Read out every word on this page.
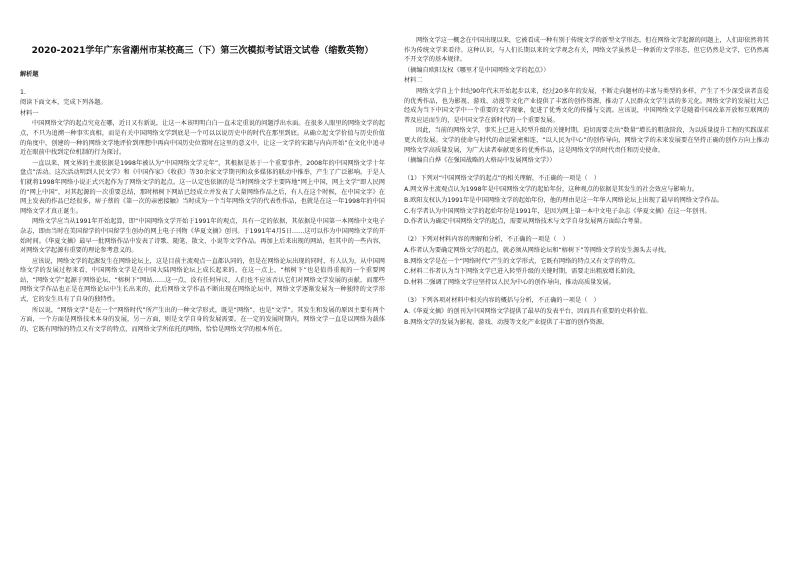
2020-2021学年广东省潮州市某校高三（下）第三次模拟考试语文试卷（缩数英物）
解析题

1.

阅读下面文本，完成下列各题。

材料一

中国网络文学的起点究竟在哪，近日又有新说，让这一本该明明白白一直未定重说的问题浮出水面。在很多人眼里的网络文学的起点，不只为追溯一种事实真相，而是有关中国网络文学到底是一个可以以说历史中的时代在那里到底。从确立起文学价值与历史价值的角度中，创建的一种的网络文学地评价到理想中再向中国历史位置时在这里的意义中，让这一文学的宋籍与内向开始”在文化中追寻近在眼前中找到定位机制的行为探讨。

一直以来，网文界的主流依据是1998年被认为“中国网络文学元年”，其根据是基于一个重要事件，2008年的中国网络文学十年盘点”活动。这次活动明到人民文学》和《中国作家》《收获》等30余家文学期刊和众多媒体的联动中推举，产生了广泛影响。于是人们就将1998年网络小说正式兴起作为了网络文学的起点。这一认定也依据的是当时网络文学主要阵地“网上中国，网上文学”即人民网的“网上中国”，对其起源的一次重要总结，那时榕树下网站已经成立并发表了大量网络作品之后，有人在这个时候，在中国文字》在网上发表的作品已经很多，痞子蔡的《第一次的亲密接触》当时成为一个当年网络文学的代表性作品，也就是在这一年1998年的中国网络文学才真正诞生。

网络文学应当从1991年开始起算，即“中国网络文学开始于1991年的观点，具有一定的依据，其依据是中国第一本网络中文电子杂志，即由当时在美国留学的中国留学生创办的网上电子刊物《华夏文摘》创刊。于1991年4月5日……这可以作为中国网络文学的开始时间。《华夏文摘》最早一批网络作品中发表了诗歌、随笔、散文、小说等文学作品。再加上后来出现的网站，但其中的一些内容，对网络文学起源有重要的理论参考意义的。

应该说，网络文学的起源发生在网络论坛上，这是目前主流观点一直都认同的，但是在网络论坛出现的同时，有人认为，从中国网络文学的发展过程来看，中国网络文学是在中国大陆网络论坛上成长起来的，在这一点上，“榕树下”也是值得重视的一个重要网站，“网络文学”起源于网络论坛、“榕树下”网站……这一点，没有任何异议，人们也不应该否认它们对网络文学发展的贡献，而那些网络文学作品也正是在网络论坛中生长出来的，此后网络文学作品不断出现在网络论坛中，网络文学逐渐发展为一种独特的文学形式，它的发生具有了自身的独特性。

所以说，“网络文学”是在一个“网络时代”所产生出的一种文学形式，既是“网络”，也是“文学”。其发生和发展的原因主要有两个方面，一个方面是网络技术本身的发展，另一方面，则是文学自身的发展需要。在一定的发展时期内，网络文学一直是以网络为载体的，它既有网络的特点又有文学的特点，而网络文学所依托的网络，恰恰是网络文学的根本所在。

网络文学这一概念在中国出现以来，它被看成一种有别于传统文学的新型文学形态，但在网络文学起源的问题上，人们却依然将其作为传统文学来看待。这种认识，与人们长期以来的文学观念有关，网络文学虽然是一种新的文学形态，但它仍然是文学，它仍然离不开文学的基本规律。

（摘编自欧阳友权《哪里才是中国网络文学的起点》）

材料二

网络文学自上个世纪90年代末开始起步以来，经过20多年的发展，不断走向题材的丰富与类型的多样，产生了不少深受读者喜爱的优秀作品，也为影视、游戏、动漫等文化产业提供了丰富的创作资源，推动了人民群众文学生活的多元化。网络文学的发展壮大已经成为当下中国文学中一个重要的文学现象，促进了优秀文化的传播与交流。应该说，中国网络文学是随着中国改革开放和互联网的普及应运而生的，是中国文学在新时代的一个重要发展。

因此，当前的网络文学，事实上已进入转型升级的关键时期，迫切需要走出“数量”增长的粗放阶段，为以质量提升工程的实践谋求更大的发展。文学的使命与时代的命运紧密相连，“以人民为中心”的创作导向，网络文学的未来发展要在坚持正确的创作方向上推动网络文学高质量发展，为广大读者奉献更多的优秀作品，这是网络文学的时代责任和历史使命。

（摘编自白烨《在强国战略的大格局中发展网络文学》）

（1）下列对“中国网络文学的起点”的相关理解，不正确的一项是（　）

A.网文界主流观点认为1998年是中国网络文学的起始年份，这种观点的依据是其发生的社会效应与影响力。

B.欧阳友权认为1991年是中国网络文学的起始年份，他的理由是这一年华人网络论坛上出现了最早的网络文学作品。

C.有学者认为中国网络文学的起始年份是1991年，是因为网上第一本中文电子杂志《华夏文摘》在这一年创刊。

D.作者认为确定中国网络文学的起点，需要从网络技术与文学自身发展两方面综合考量。

（2）下列对材料内容的理解和分析，不正确的一项是（　）

A.作者认为要确定网络文学的起点，就必须从网络论坛和“榕树下”等网络文学的发生源头去寻找。

B.网络文学是在一个“网络时代”产生的文学形式，它既有网络的特点又有文学的特点。

C.材料二作者认为当下网络文学已进入转型升级的关键时期，需要走出粗放增长阶段。

D.材料二强调了网络文学应坚持以人民为中心的创作导向，推动高质量发展。

（3）下列各项对材料中相关内容的概括与分析，不正确的一项是（　）

A.《华夏文摘》的创刊为中国网络文学提供了最早的发表平台，因而具有重要的史料价值。

B.网络文学的发展为影视、游戏、动漫等文化产业提供了丰富的创作资源。
